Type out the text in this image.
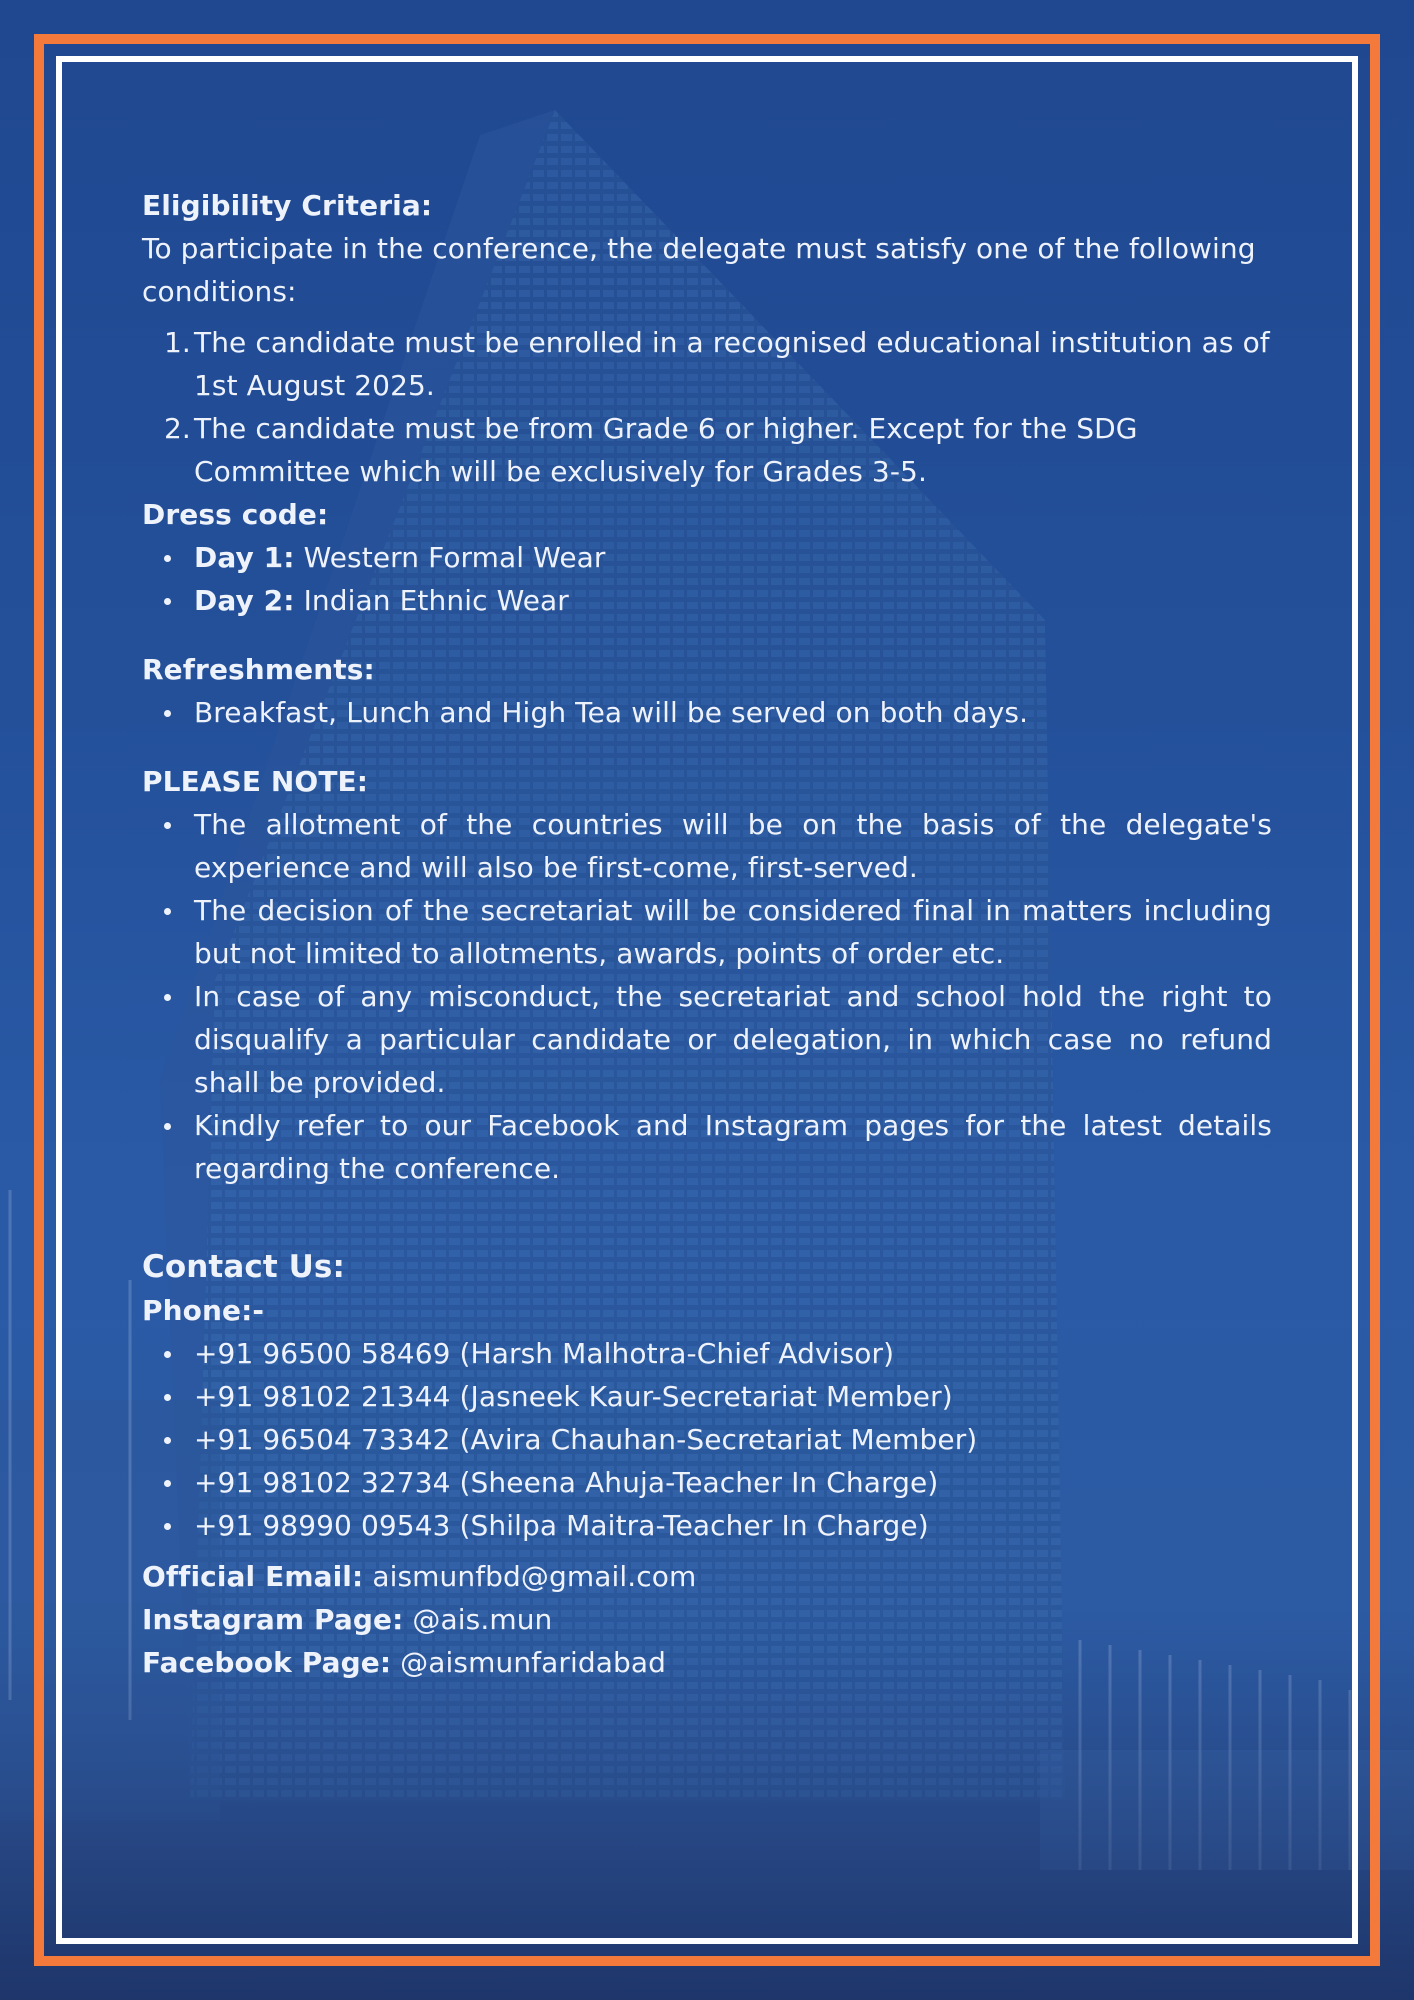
Eligibility Criteria:
To participate in the conference, the delegate must satisfy one of the following conditions:
1. The candidate must be enrolled in a recognised educational institution as of 1st August 2025.
2. The candidate must be from Grade 6 or higher. Except for the SDG Committee which will be exclusively for Grades 3-5.
Dress code:
Day 1: Western Formal Wear
Day 2: Indian Ethnic Wear
Refreshments:
Breakfast, Lunch and High Tea will be served on both days.
PLEASE NOTE:
The allotment of the countries will be on the basis of the delegate's experience and will also be first-come, first-served.
The decision of the secretariat will be considered final in matters including but not limited to allotments, awards, points of order etc.
In case of any misconduct, the secretariat and school hold the right to disqualify a particular candidate or delegation, in which case no refund shall be provided.
Kindly refer to our Facebook and Instagram pages for the latest details regarding the conference.
Contact Us:
Phone:-
+91 96500 58469 (Harsh Malhotra-Chief Advisor)
+91 98102 21344 (Jasneek Kaur-Secretariat Member)
+91 96504 73342 (Avira Chauhan-Secretariat Member)
+91 98102 32734 (Sheena Ahuja-Teacher In Charge)
+91 98990 09543 (Shilpa Maitra-Teacher In Charge)
Official Email: aismunfbd@gmail.com
Instagram Page: @ais.mun
Facebook Page: @aismunfaridabad
